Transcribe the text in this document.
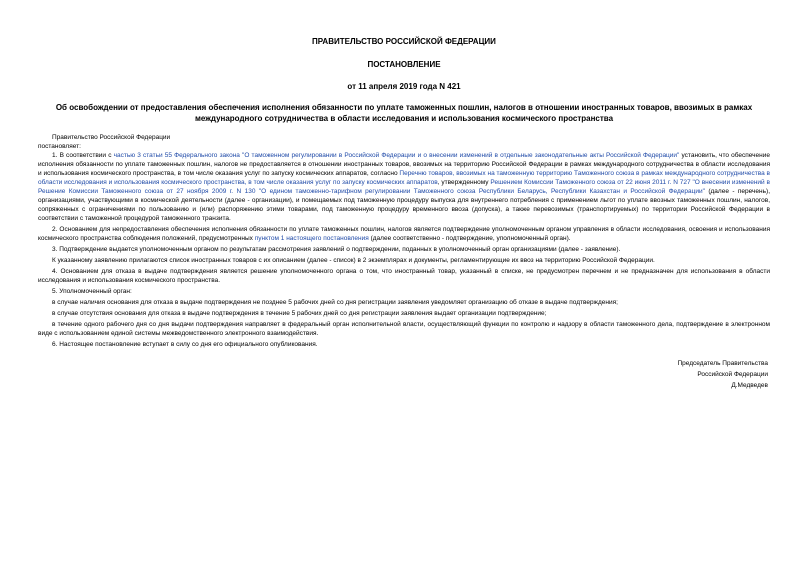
ПРАВИТЕЛЬСТВО РОССИЙСКОЙ ФЕДЕРАЦИИ
ПОСТАНОВЛЕНИЕ
от 11 апреля 2019 года N 421
Об освобождении от предоставления обеспечения исполнения обязанности по уплате таможенных пошлин, налогов в отношении иностранных товаров, ввозимых в рамках международного сотрудничества в области исследования и использования космического пространства

Правительство Российской Федерации

постановляет:

1. В соответствии с частью 3 статьи 55 Федерального закона "О таможенном регулировании в Российской Федерации и о внесении изменений в отдельные законодательные акты Российской Федерации" установить, что обеспечение исполнения обязанности по уплате таможенных пошлин, налогов не предоставляется в отношении иностранных товаров, ввозимых на территорию Российской Федерации в рамках международного сотрудничества в области исследования и использования космического пространства, в том числе оказания услуг по запуску космических аппаратов, согласно Перечню товаров, ввозимых на таможенную территорию Таможенного союза в рамках международного сотрудничества в области исследования и использования космического пространства, в том числе оказания услуг по запуску космических аппаратов, утвержденному Решением Комиссии Таможенного союза от 22 июня 2011 г. N 727 "О внесении изменений в Решение Комиссии Таможенного союза от 27 ноября 2009 г. N 130 "О едином таможенно-тарифном регулировании Таможенного союза Республики Беларусь, Республики Казахстан и Российской Федерации" (далее - перечень), организациями, участвующими в космической деятельности (далее - организации), и помещаемых под таможенную процедуру выпуска для внутреннего потребления с применением льгот по уплате ввозных таможенных пошлин, налогов, сопряженных с ограничениями по пользованию и (или) распоряжению этими товарами, под таможенную процедуру временного ввоза (допуска), а также перевозимых (транспортируемых) по территории Российской Федерации в соответствии с таможенной процедурой таможенного транзита.

2. Основанием для непредоставления обеспечения исполнения обязанности по уплате таможенных пошлин, налогов является подтверждение уполномоченным органом управления в области исследования, освоения и использования космического пространства соблюдения положений, предусмотренных пунктом 1 настоящего постановления (далее соответственно - подтверждение, уполномоченный орган).

3. Подтверждение выдается уполномоченным органом по результатам рассмотрения заявлений о подтверждении, поданных в уполномоченный орган организациями (далее - заявление).

К указанному заявлению прилагаются список иностранных товаров с их описанием (далее - список) в 2 экземплярах и документы, регламентирующие их ввоз на территорию Российской Федерации.

4. Основанием для отказа в выдаче подтверждения является решение уполномоченного органа о том, что иностранный товар, указанный в списке, не предусмотрен перечнем и не предназначен для использования в области исследования и использования космического пространства.

5. Уполномоченный орган:

в случае наличия основания для отказа в выдаче подтверждения не позднее 5 рабочих дней со дня регистрации заявления уведомляет организацию об отказе в выдаче подтверждения;

в случае отсутствия основания для отказа в выдаче подтверждения в течение 5 рабочих дней со дня регистрации заявления выдает организации подтверждение;

в течение одного рабочего дня со дня выдачи подтверждения направляет в федеральный орган исполнительной власти, осуществляющий функции по контролю и надзору в области таможенного дела, подтверждение в электронном виде с использованием единой системы межведомственного электронного взаимодействия.

6. Настоящее постановление вступает в силу со дня его официального опубликования.

Председатель Правительства
Российской Федерации
Д.Медведев
